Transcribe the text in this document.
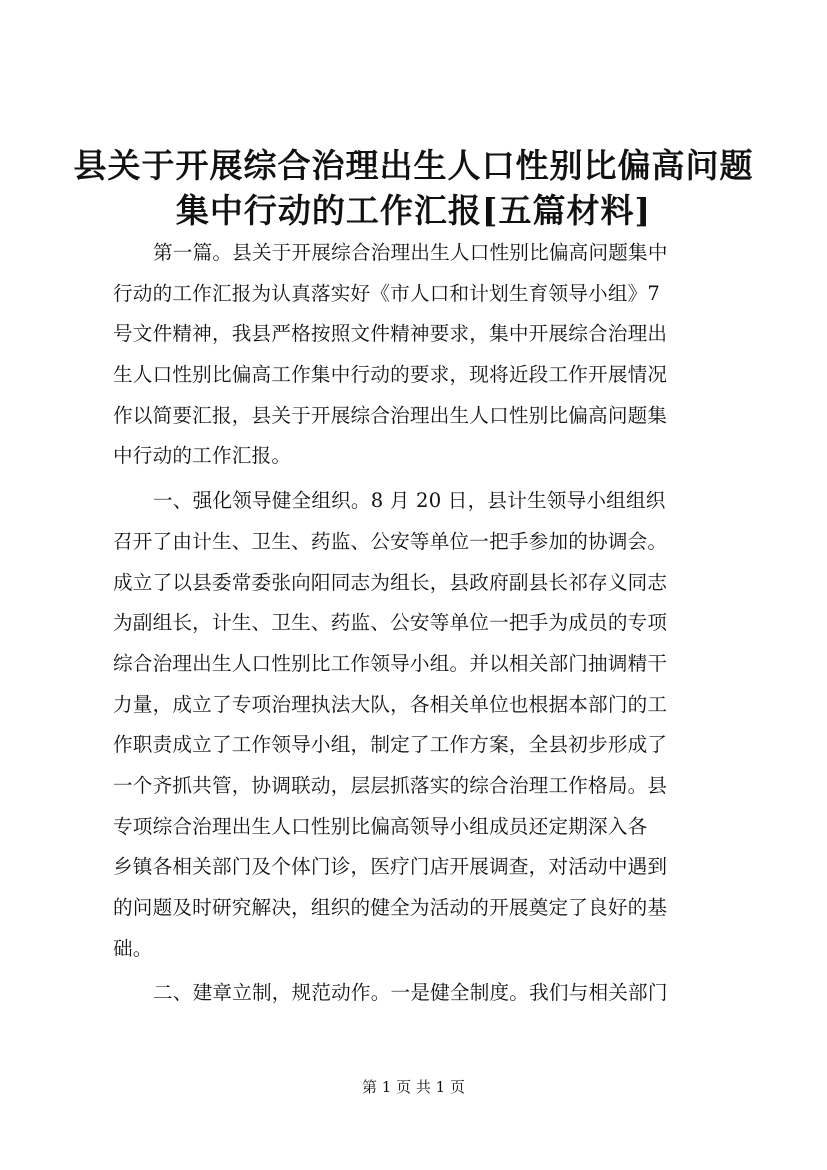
县关于开展综合治理出生人口性别比偏高问题
集中行动的工作汇报[五篇材料]
第一篇。县关于开展综合治理出生人口性别比偏高问题集中
行动的工作汇报为认真落实好《市人口和计划生育领导小组》7
号文件精神，我县严格按照文件精神要求，集中开展综合治理出
生人口性别比偏高工作集中行动的要求，现将近段工作开展情况
作以简要汇报，县关于开展综合治理出生人口性别比偏高问题集
中行动的工作汇报。
一、强化领导健全组织。8 月 20 日，县计生领导小组组织
召开了由计生、卫生、药监、公安等单位一把手参加的协调会。
成立了以县委常委张向阳同志为组长，县政府副县长祁存义同志
为副组长，计生、卫生、药监、公安等单位一把手为成员的专项
综合治理出生人口性别比工作领导小组。并以相关部门抽调精干
力量，成立了专项治理执法大队，各相关单位也根据本部门的工
作职责成立了工作领导小组，制定了工作方案，全县初步形成了
一个齐抓共管，协调联动，层层抓落实的综合治理工作格局。县
专项综合治理出生人口性别比偏高领导小组成员还定期深入各
乡镇各相关部门及个体门诊，医疗门店开展调查，对活动中遇到
的问题及时研究解决，组织的健全为活动的开展奠定了良好的基
础。
二、建章立制，规范动作。一是健全制度。我们与相关部门
第 1 页 共 1 页
